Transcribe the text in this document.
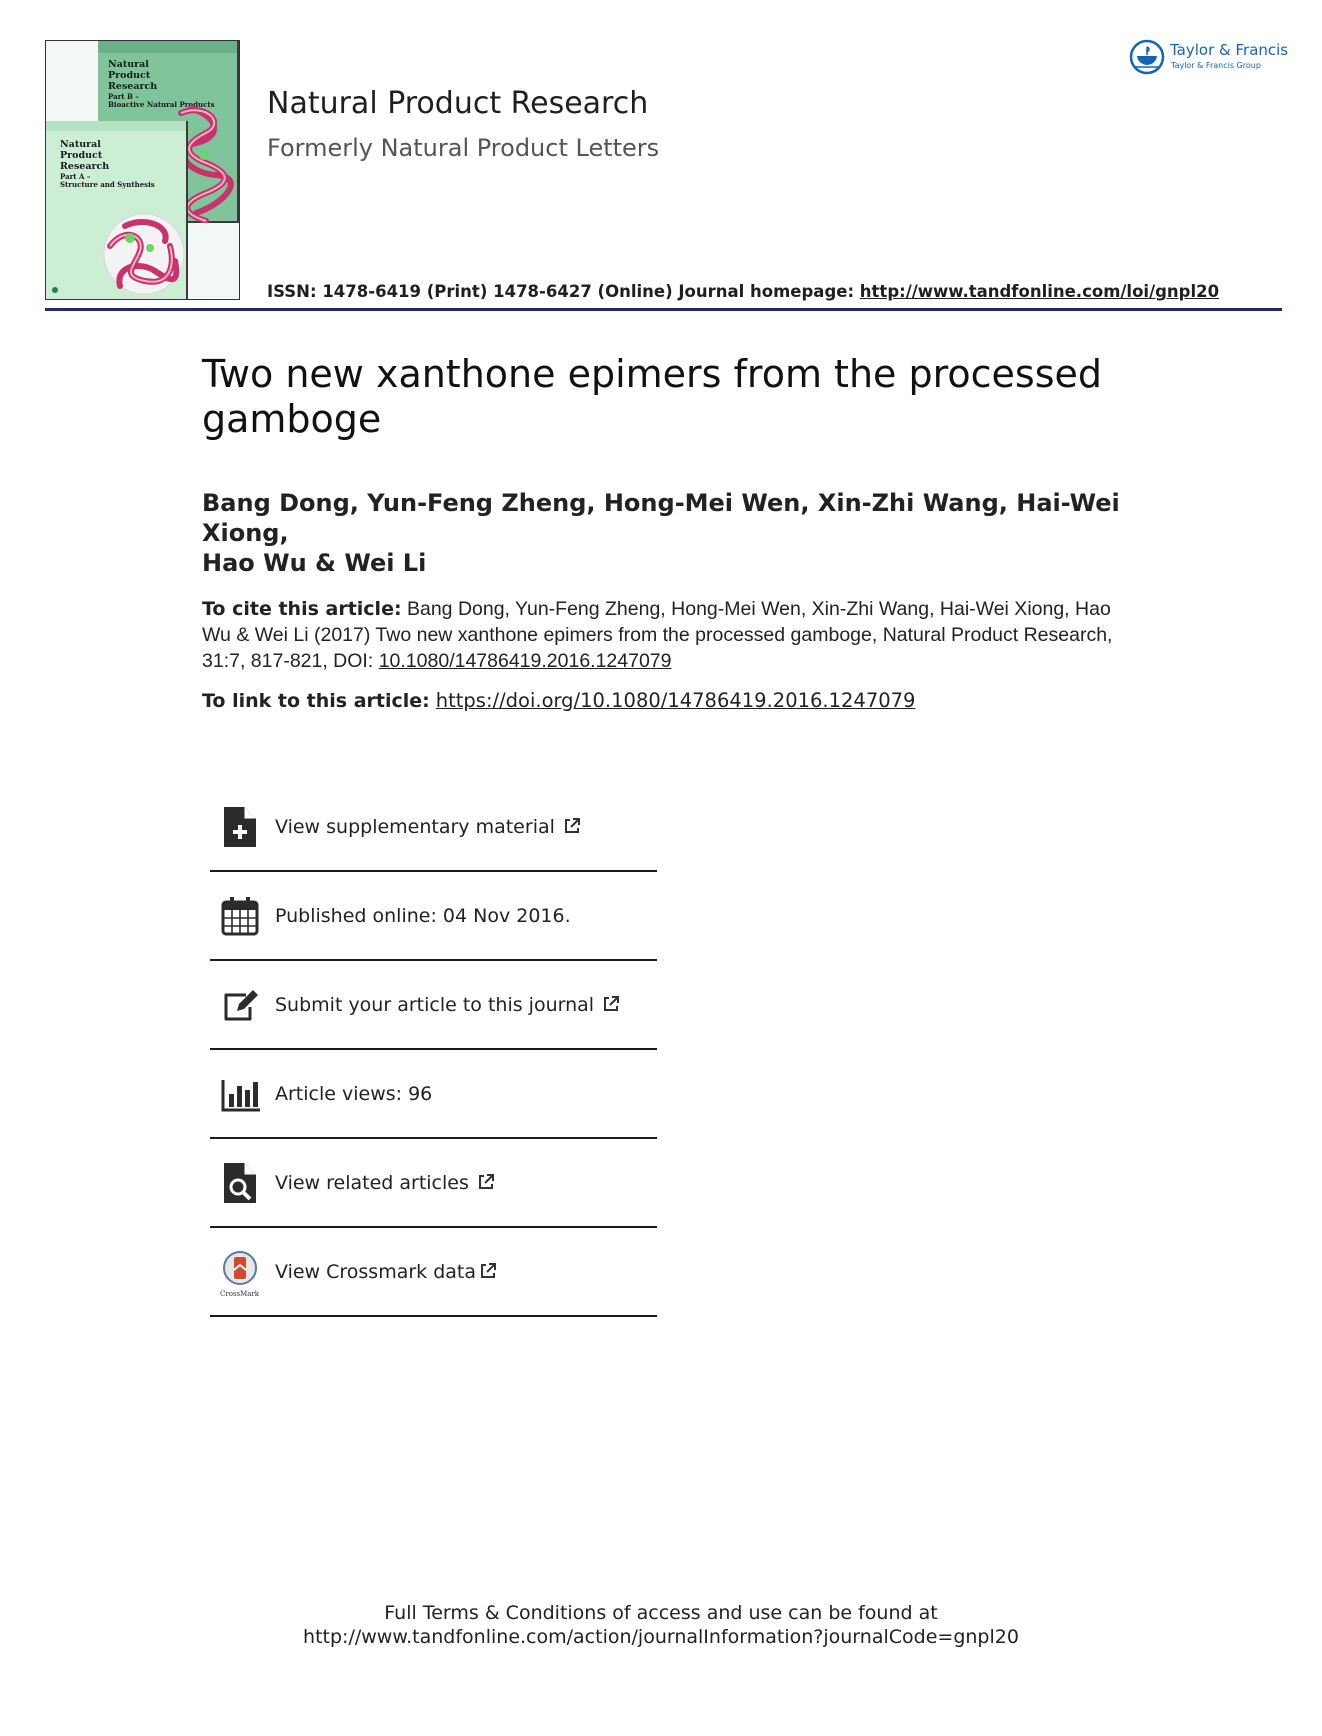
Natural
Product
Research
Part B –
Bioactive Natural Products
Natural
Product
Research
Part A –
Structure and Synthesis
Natural Product Research
Formerly Natural Product Letters
ISSN: 1478-6419 (Print) 1478-6427 (Online) Journal homepage: http://www.tandfonline.com/loi/gnpl20
Taylor & Francis
Taylor & Francis Group
Two new xanthone epimers from the processed gamboge
Bang Dong, Yun-Feng Zheng, Hong-Mei Wen, Xin-Zhi Wang, Hai-Wei Xiong,
Hao Wu & Wei Li
To cite this article: Bang Dong, Yun-Feng Zheng, Hong-Mei Wen, Xin-Zhi Wang, Hai-Wei Xiong, Hao Wu & Wei Li (2017) Two new xanthone epimers from the processed gamboge, Natural Product Research, 31:7, 817-821, DOI: 10.1080/14786419.2016.1247079
To link to this article: https://doi.org/10.1080/14786419.2016.1247079
View supplementary material
Published online: 04 Nov 2016.
Submit your article to this journal
Article views: 96
View related articles
CrossMark
View Crossmark data
Full Terms & Conditions of access and use can be found at
http://www.tandfonline.com/action/journalInformation?journalCode=gnpl20
